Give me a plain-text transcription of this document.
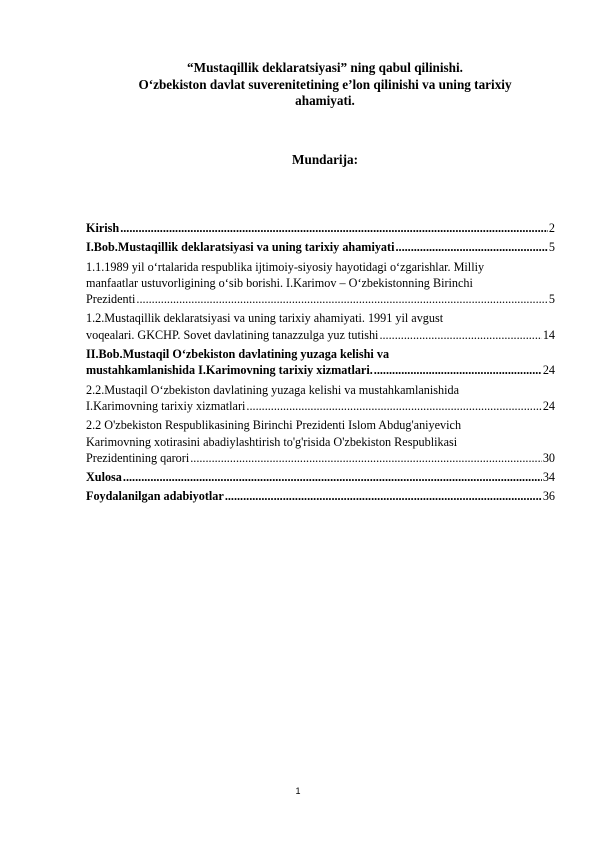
“Mustaqillik deklaratsiyasi” ning qabul qilinishi.
O‘zbekiston davlat suverenitetining e’lon qilinishi va uning tarixiy
ahamiyati.
Mundarija:
Kirish .....	2
I.Bob.Mustaqillik deklaratsiyasi va uning tarixiy ahamiyati .....	5
1.1.1989 yil o‘rtalarida respublika ijtimoiy-siyosiy hayotidagi o‘zgarishlar. Milliy
manfaatlar ustuvorligining o‘sib borishi. I.Karimov – O‘zbekistonning Birinchi
Prezidenti .....	5
1.2.Mustaqillik deklaratsiyasi va uning tarixiy ahamiyati. 1991 yil avgust
voqealari. GKCHP. Sovet davlatining tanazzulga yuz tutishi .....	14
II.Bob.Mustaqil O‘zbekiston davlatining yuzaga kelishi va
mustahkamlanishida I.Karimovning tarixiy xizmatlari. .....	24
2.2.Mustaqil O‘zbekiston davlatining yuzaga kelishi va mustahkamlanishida
I.Karimovning tarixiy xizmatlari .....	24
2.2 O'zbekiston Respublikasining Birinchi Prezidenti Islom Abdug'aniyevich
Karimovning xotirasini abadiylashtirish to'g'risida O'zbekiston Respublikasi
Prezidentining qarori .....	30
Xulosa .....	34
Foydalanilgan adabiyotlar .....	36
1
